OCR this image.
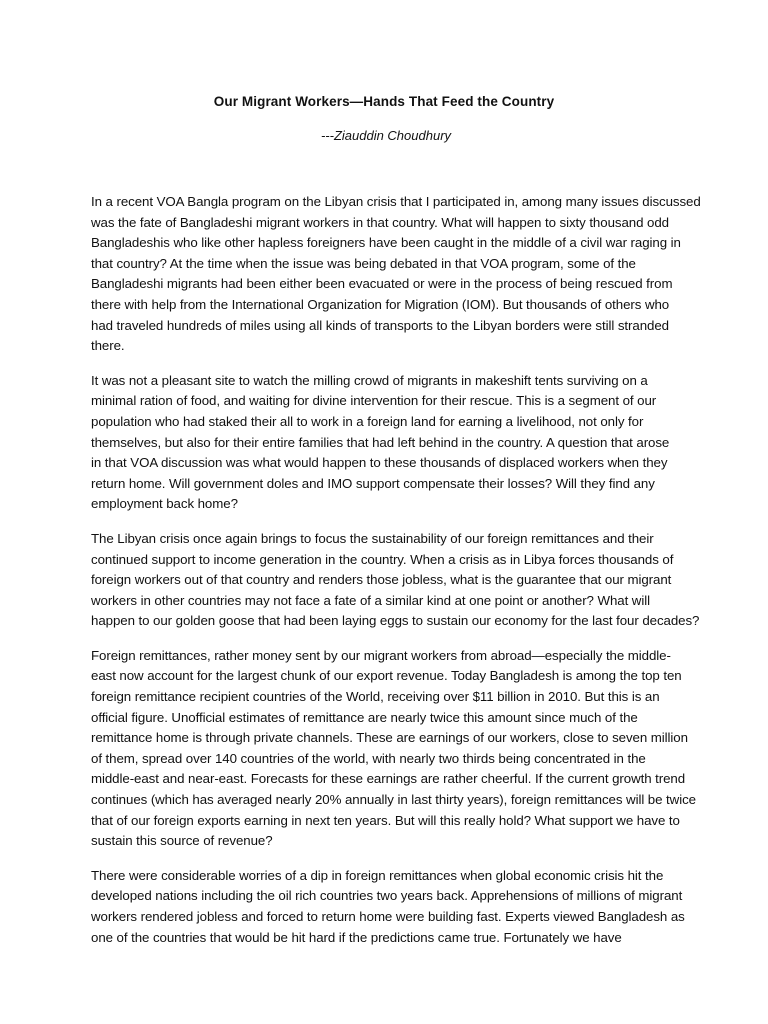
Our Migrant Workers—Hands That Feed the Country
---Ziauddin Choudhury

In a recent VOA Bangla program on the Libyan crisis that I participated in, among many issues discussed
was the fate of Bangladeshi migrant workers in that country. What will happen to sixty thousand odd
Bangladeshis who like other hapless foreigners have been caught in the middle of a civil war raging in
that country? At the time when the issue was being debated in that VOA program, some of the
Bangladeshi migrants had been either been evacuated or were in the process of being rescued from
there with help from the International Organization for Migration (IOM). But thousands of others who
had traveled hundreds of miles using all kinds of transports to the Libyan borders were still stranded
there.

It was not a pleasant site to watch the milling crowd of migrants in makeshift tents surviving on a
minimal ration of food, and waiting for divine intervention for their rescue. This is a segment of our
population who had staked their all to work in a foreign land for earning a livelihood, not only for
themselves, but also for their entire families that had left behind in the country. A question that arose
in that VOA discussion was what would happen to these thousands of displaced workers when they
return home. Will government doles and IMO support compensate their losses? Will they find any
employment back home?

The Libyan crisis once again brings to focus the sustainability of our foreign remittances and their
continued support to income generation in the country. When a crisis as in Libya forces thousands of
foreign workers out of that country and renders those jobless, what is the guarantee that our migrant
workers in other countries may not face a fate of a similar kind at one point or another? What will
happen to our golden goose that had been laying eggs to sustain our economy for the last four decades?

Foreign remittances, rather money sent by our migrant workers from abroad—especially the middle-
east now account for the largest chunk of our export revenue. Today Bangladesh is among the top ten
foreign remittance recipient countries of the World, receiving over $11 billion in 2010. But this is an
official figure. Unofficial estimates of remittance are nearly twice this amount since much of the
remittance home is through private channels. These are earnings of our workers, close to seven million
of them, spread over 140 countries of the world, with nearly two thirds being concentrated in the
middle-east and near-east. Forecasts for these earnings are rather cheerful. If the current growth trend
continues (which has averaged nearly 20% annually in last thirty years), foreign remittances will be twice
that of our foreign exports earning in next ten years. But will this really hold? What support we have to
sustain this source of revenue?

There were considerable worries of a dip in foreign remittances when global economic crisis hit the
developed nations including the oil rich countries two years back. Apprehensions of millions of migrant
workers rendered jobless and forced to return home were building fast. Experts viewed Bangladesh as
one of the countries that would be hit hard if the predictions came true. Fortunately we have
